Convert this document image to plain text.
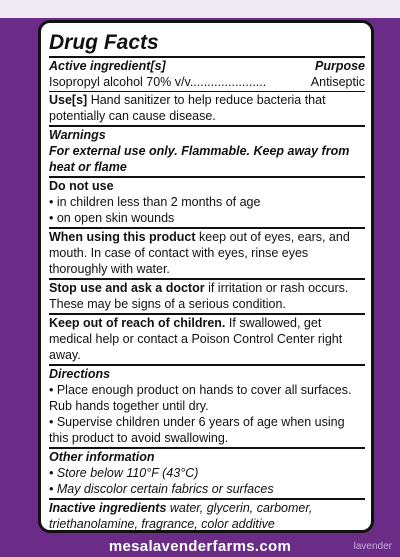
Drug Facts
Active ingredient[s]	Purpose
Isopropyl alcohol 70% v/v......................	Antiseptic
Use[s] Hand sanitizer to help reduce bacteria that potentially can cause disease.
Warnings
For external use only. Flammable. Keep away from heat or flame
Do not use
• in children less than 2 months of age
• on open skin wounds
When using this product keep out of eyes, ears, and mouth. In case of contact with eyes, rinse eyes thoroughly with water.
Stop use and ask a doctor if irritation or rash occurs. These may be signs of a serious condition.
Keep out of reach of children. If swallowed, get medical help or contact a Poison Control Center right away.
Directions
• Place enough product on hands to cover all surfaces. Rub hands together until dry.
• Supervise children under 6 years of age when using this product to avoid swallowing.
Other information
• Store below 110°F (43°C)
• May discolor certain fabrics or surfaces
Inactive ingredients water, glycerin, carbomer, triethanolamine, fragrance, color additive
mesalavenderfarms.com	lavender
